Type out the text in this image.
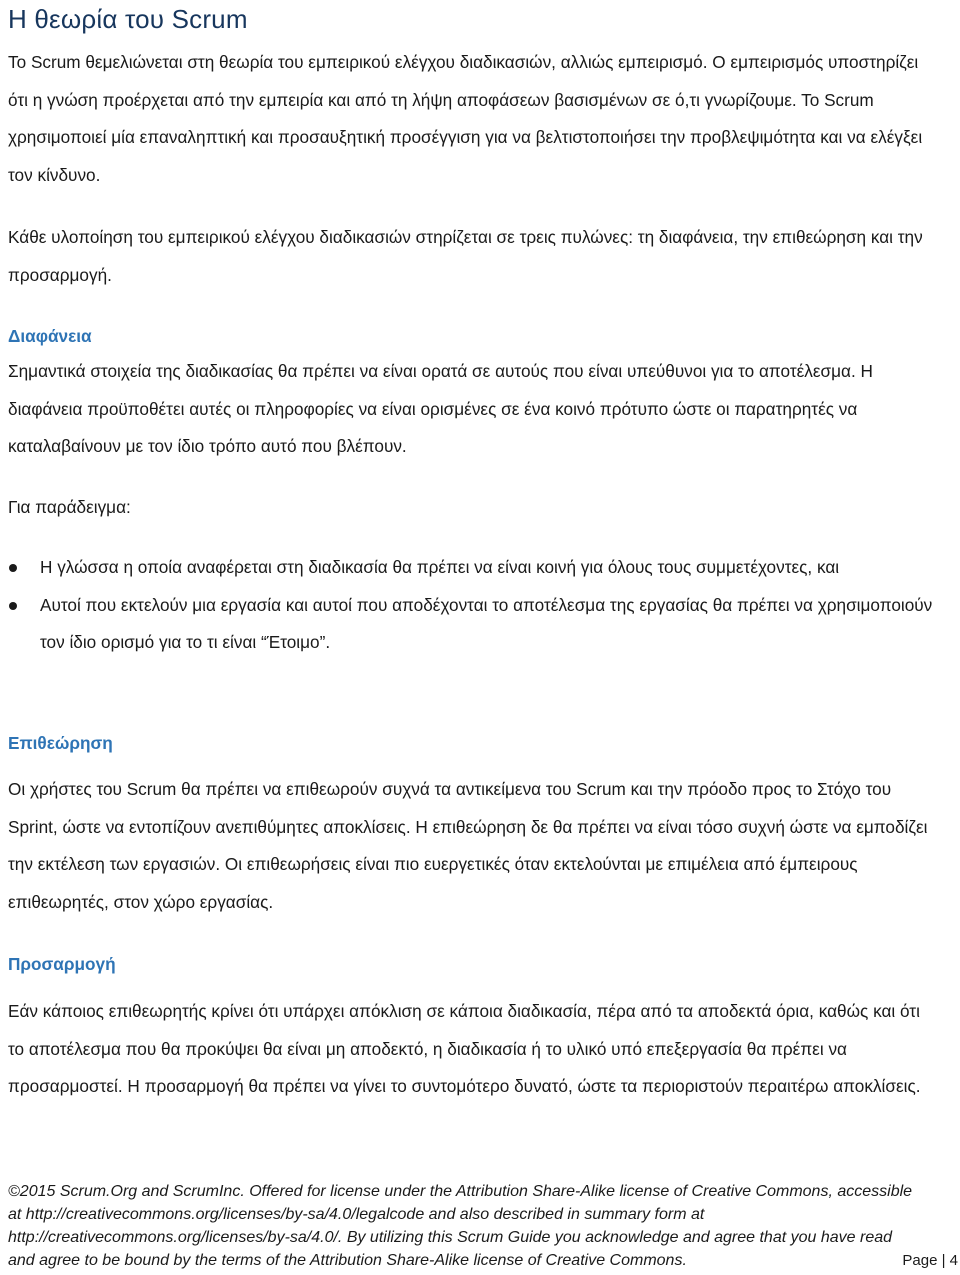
Η θεωρία του Scrum

Το Scrum θεμελιώνεται στη θεωρία του εμπειρικού ελέγχου διαδικασιών, αλλιώς εμπειρισμό. Ο εμπειρισμός υποστηρίζει ότι η γνώση προέρχεται από την εμπειρία και από τη λήψη αποφάσεων βασισμένων σε ό,τι γνωρίζουμε. Το Scrum χρησιμοποιεί μία επαναληπτική και προσαυξητική προσέγγιση για να βελτιστοποιήσει την προβλεψιμότητα και να ελέγξει τον κίνδυνο.

Κάθε υλοποίηση του εμπειρικού ελέγχου διαδικασιών στηρίζεται σε τρεις πυλώνες: τη διαφάνεια, την επιθεώρηση και την προσαρμογή.

Διαφάνεια

Σημαντικά στοιχεία της διαδικασίας θα πρέπει να είναι ορατά σε αυτούς που είναι υπεύθυνοι για το αποτέλεσμα. Η διαφάνεια προϋποθέτει αυτές οι πληροφορίες να είναι ορισμένες σε ένα κοινό πρότυπο ώστε οι παρατηρητές να καταλαβαίνουν με τον ίδιο τρόπο αυτό που βλέπουν.

Για παράδειγμα:

Η γλώσσα η οποία αναφέρεται στη διαδικασία θα πρέπει να είναι κοινή για όλους τους συμμετέχοντες, και
Αυτοί που εκτελούν μια εργασία και αυτοί που αποδέχονται το αποτέλεσμα της εργασίας θα πρέπει να χρησιμοποιούν τον ίδιο ορισμό για το τι είναι “Έτοιμο”.
Επιθεώρηση

Οι χρήστες του Scrum θα πρέπει να επιθεωρούν συχνά τα αντικείμενα του Scrum και την πρόοδο προς το Στόχο του Sprint, ώστε να εντοπίζουν ανεπιθύμητες αποκλίσεις. Η επιθεώρηση δε θα πρέπει να είναι τόσο συχνή ώστε να εμποδίζει την εκτέλεση των εργασιών. Οι επιθεωρήσεις είναι πιο ευεργετικές όταν εκτελούνται με επιμέλεια από έμπειρους επιθεωρητές, στον χώρο εργασίας.

Προσαρμογή

Εάν κάποιος επιθεωρητής κρίνει ότι υπάρχει απόκλιση σε κάποια διαδικασία, πέρα από τα αποδεκτά όρια, καθώς και ότι το αποτέλεσμα που θα προκύψει θα είναι μη αποδεκτό, η διαδικασία ή το υλικό υπό επεξεργασία θα πρέπει να προσαρμοστεί. Η προσαρμογή θα πρέπει να γίνει το συντομότερο δυνατό, ώστε τα περιοριστούν περαιτέρω αποκλίσεις.

©2015 Scrum.Org and ScrumInc. Offered for license under the Attribution Share-Alike license of Creative Commons, accessible
at http://creativecommons.org/licenses/by-sa/4.0/legalcode and also described in summary form at
http://creativecommons.org/licenses/by-sa/4.0/. By utilizing this Scrum Guide you acknowledge and agree that you have read
and agree to be bound by the terms of the Attribution Share-Alike license of Creative Commons.	Page | 4
